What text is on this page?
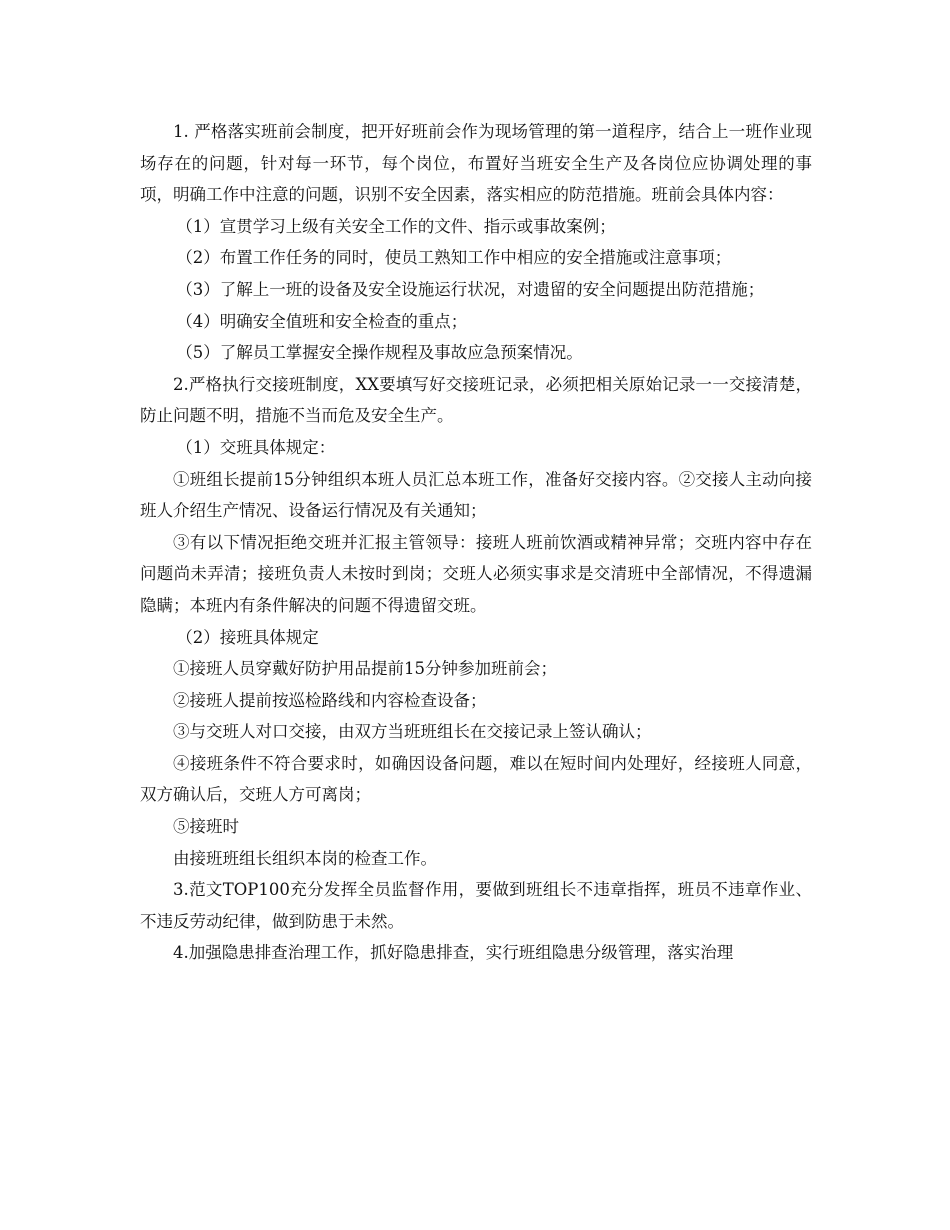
1. 严格落实班前会制度，把开好班前会作为现场管理的第一道程序，结合上一班作业现场存在的问题，针对每一环节，每个岗位，布置好当班安全生产及各岗位应协调处理的事项，明确工作中注意的问题，识别不安全因素，落实相应的防范措施。班前会具体内容：

（1）宣贯学习上级有关安全工作的文件、指示或事故案例；

（2）布置工作任务的同时，使员工熟知工作中相应的安全措施或注意事项；

（3）了解上一班的设备及安全设施运行状况，对遗留的安全问题提出防范措施；

（4）明确安全值班和安全检查的重点；

（5）了解员工掌握安全操作规程及事故应急预案情况。

2.严格执行交接班制度，XX要填写好交接班记录，必须把相关原始记录一一交接清楚，防止问题不明，措施不当而危及安全生产。

（1）交班具体规定：

①班组长提前15分钟组织本班人员汇总本班工作，准备好交接内容。②交接人主动向接班人介绍生产情况、设备运行情况及有关通知；

③有以下情况拒绝交班并汇报主管领导：接班人班前饮酒或精神异常；交班内容中存在问题尚未弄清；接班负责人未按时到岗；交班人必须实事求是交清班中全部情况，不得遗漏隐瞒；本班内有条件解决的问题不得遗留交班。

（2）接班具体规定

①接班人员穿戴好防护用品提前15分钟参加班前会；

②接班人提前按巡检路线和内容检查设备；

③与交班人对口交接，由双方当班班组长在交接记录上签认确认；

④接班条件不符合要求时，如确因设备问题，难以在短时间内处理好，经接班人同意，双方确认后，交班人方可离岗；

⑤接班时

由接班班组长组织本岗的检查工作。

3.范文TOP100充分发挥全员监督作用，要做到班组长不违章指挥，班员不违章作业、不违反劳动纪律，做到防患于未然。

4.加强隐患排查治理工作，抓好隐患排查，实行班组隐患分级管理，落实治理
